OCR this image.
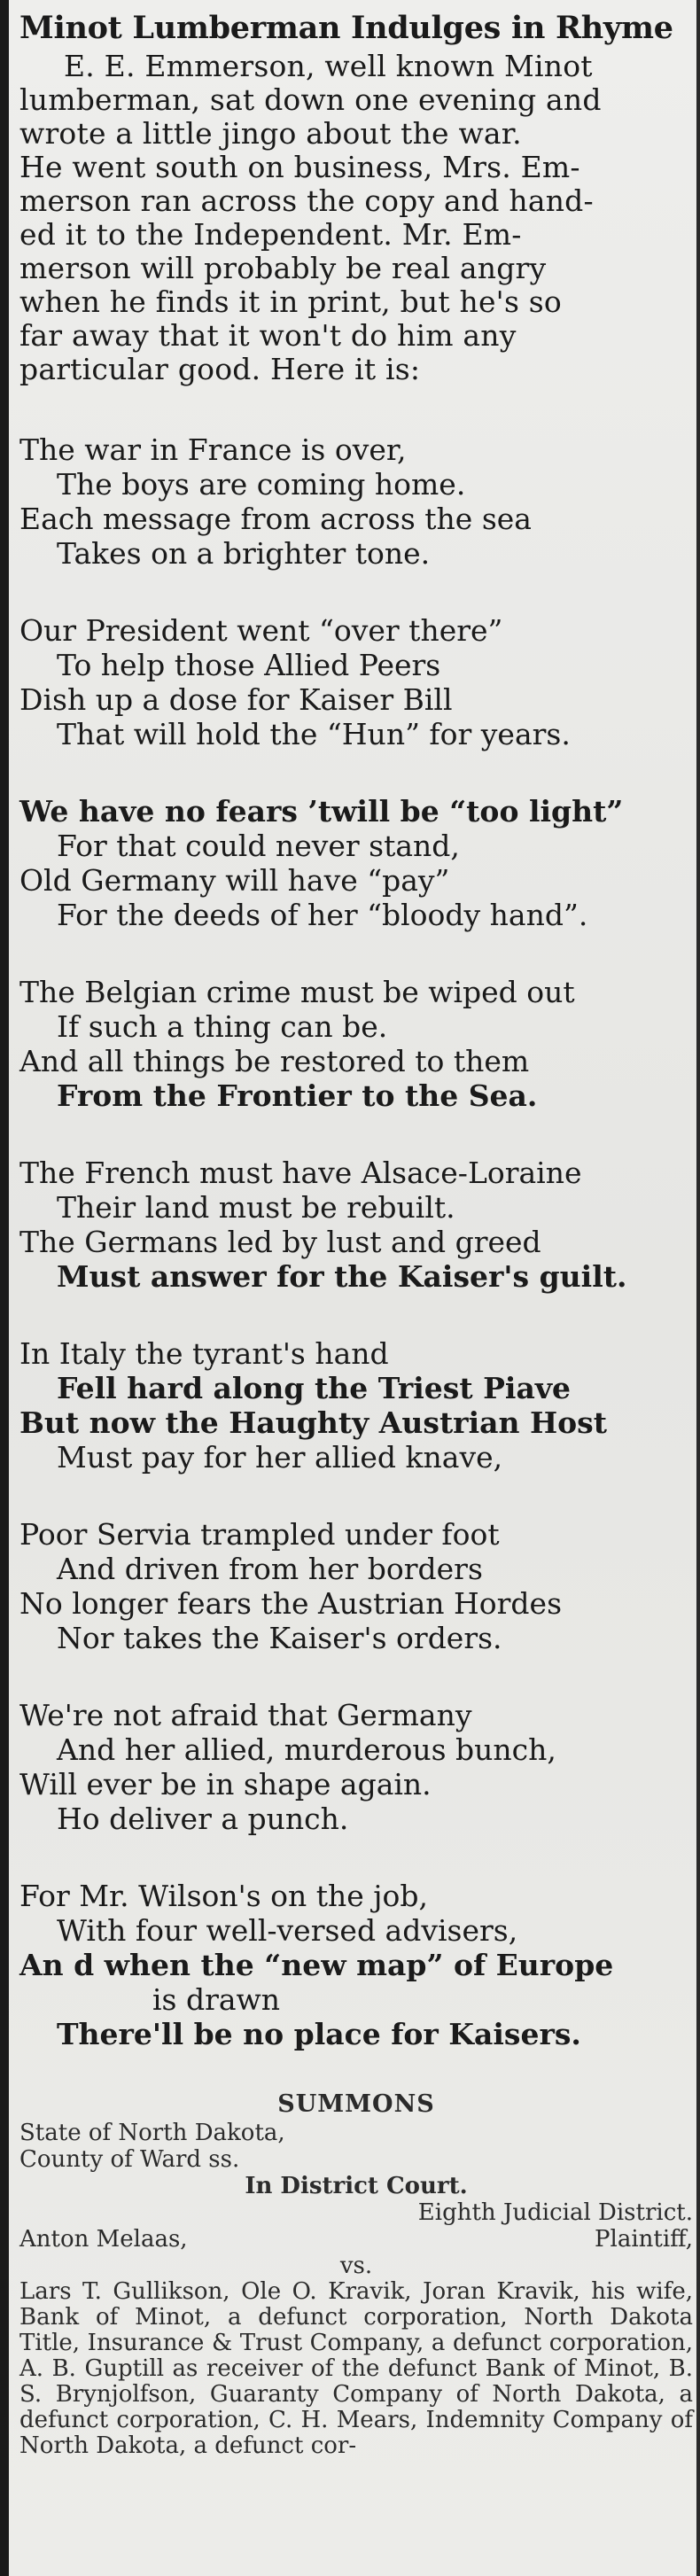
Minot Lumberman Indulges in Rhyme

E. E. Emmerson, well known Minot

lumberman, sat down one evening and

wrote a little jingo about the war.

He went south on business, Mrs. Em-

merson ran across the copy and hand-

ed it to the Independent. Mr. Em-

merson will probably be real angry

when he finds it in print, but he's so

far away that it won't do him any

particular good. Here it is:

The war in France is over,
The boys are coming home.
Each message from across the sea
Takes on a brighter tone.
Our President went “over there”
To help those Allied Peers
Dish up a dose for Kaiser Bill
That will hold the “Hun” for years.
We have no fears ’twill be “too light”
For that could never stand,
Old Germany will have “pay”
For the deeds of her “bloody hand”.
The Belgian crime must be wiped out
If such a thing can be.
And all things be restored to them
From the Frontier to the Sea.
The French must have Alsace-Loraine
Their land must be rebuilt.
The Germans led by lust and greed
Must answer for the Kaiser's guilt.
In Italy the tyrant's hand
Fell hard along the Triest Piave
But now the Haughty Austrian Host
Must pay for her allied knave,
Poor Servia trampled under foot
And driven from her borders
No longer fears the Austrian Hordes
Nor takes the Kaiser's orders.
We're not afraid that Germany
And her allied, murderous bunch,
Will ever be in shape again.
Ho deliver a punch.
For Mr. Wilson's on the job,
With four well-versed advisers,
An d when the “new map” of Europe
is drawn
There'll be no place for Kaisers.
SUMMONS
State of North Dakota,
County of Ward ss.
In District Court.
Eighth Judicial District.
Anton Melaas,	Plaintiff,
vs.
Lars T. Gullikson, Ole O. Kravik, Joran Kravik, his wife, Bank of Minot, a defunct corporation, North Dakota Title, Insurance & Trust Company, a defunct corporation, A. B. Guptill as receiver of the defunct Bank of Minot, B. S. Brynjolfson, Guaranty Company of North Dakota, a defunct corporation, C. H. Mears, Indemnity Company of North Dakota, a defunct cor-
